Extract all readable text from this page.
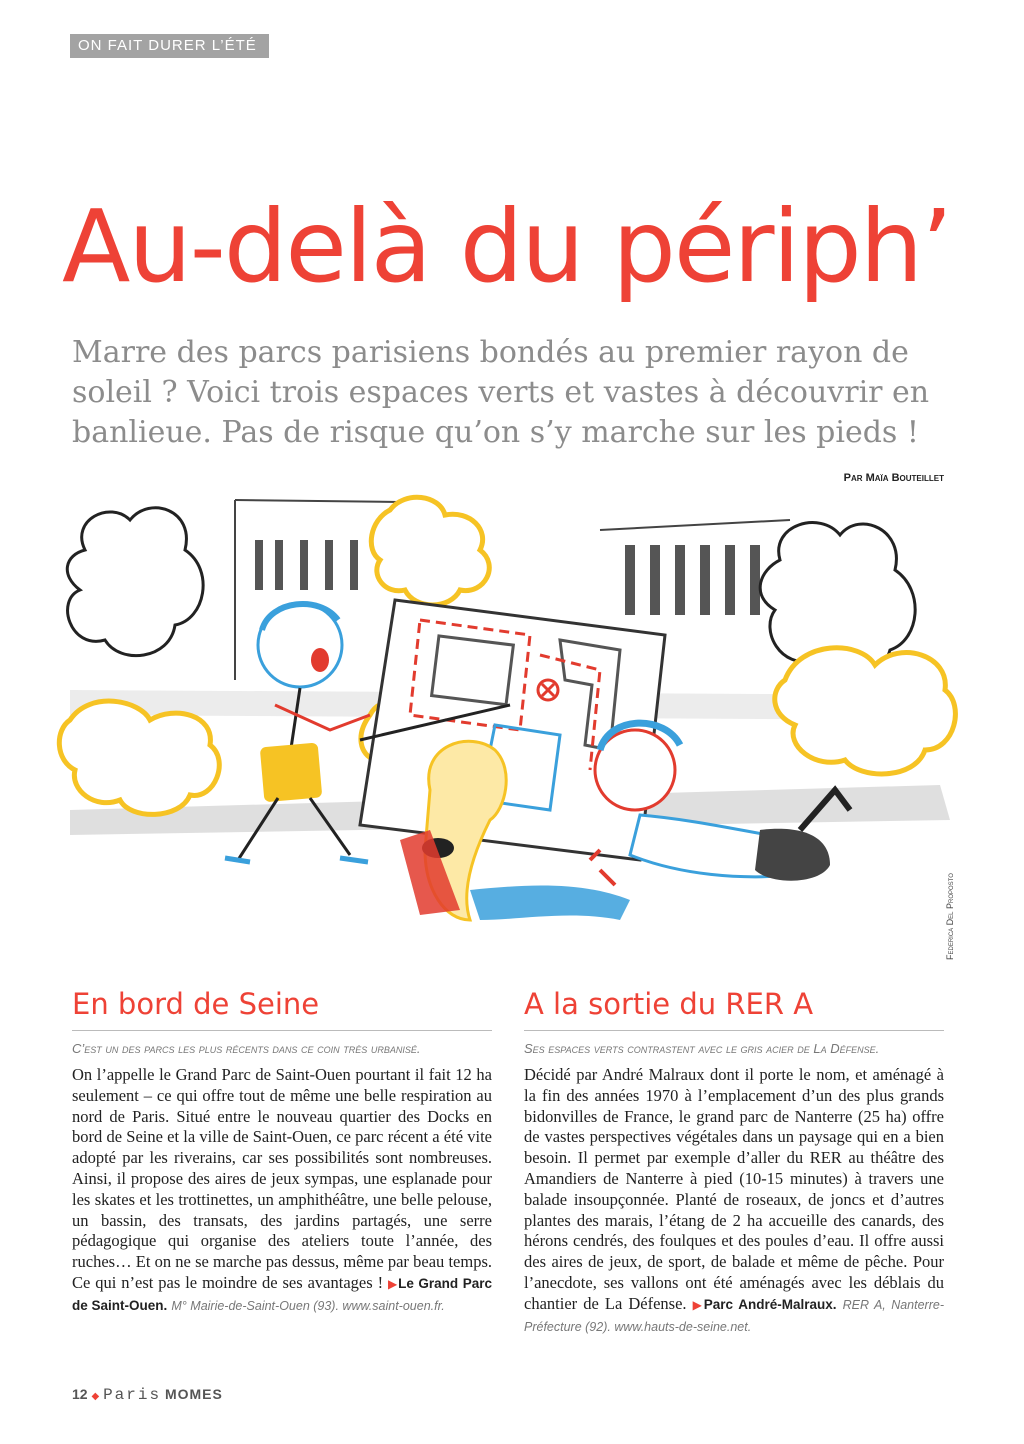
ON FAIT DURER L’ÉTÉ
Au-delà du périph’

Marre des parcs parisiens bondés au premier rayon de soleil ? Voici trois espaces verts et vastes à découvrir en banlieue. Pas de risque qu’on s’y marche sur les pieds !

Par Maïa Bouteillet
Federica Del Proposto
En bord de Seine
C’est un des parcs les plus récents dans ce coin très urbanisé.

On l’appelle le Grand Parc de Saint-Ouen pourtant il fait 12 ha seulement – ce qui offre tout de même une belle respiration au nord de Paris. Situé entre le nouveau quartier des Docks en bord de Seine et la ville de Saint-Ouen, ce parc récent a été vite adopté par les riverains, car ses possibilités sont nombreuses. Ainsi, il propose des aires de jeux sympas, une esplanade pour les skates et les trottinettes, un amphithéâtre, une belle pelouse, un bassin, des transats, des jardins partagés, une serre pédagogique qui organise des ateliers toute l’année, des ruches… Et on ne se marche pas dessus, même par beau temps. Ce qui n’est pas le moindre de ses avantages ! ▶Le Grand Parc de Saint-Ouen. M° Mairie-de-Saint-Ouen (93). www.saint-ouen.fr.

A la sortie du RER A
Ses espaces verts contrastent avec le gris acier de La Défense.

Décidé par André Malraux dont il porte le nom, et aménagé à la fin des années 1970 à l’emplacement d’un des plus grands bidonvilles de France, le grand parc de Nanterre (25 ha) offre de vastes perspectives végétales dans un paysage qui en a bien besoin. Il permet par exemple d’aller du RER au théâtre des Amandiers de Nanterre à pied (10-15 minutes) à travers une balade insoupçonnée. Planté de roseaux, de joncs et d’autres plantes des marais, l’étang de 2 ha accueille des canards, des hérons cendrés, des foulques et des poules d’eau. Il offre aussi des aires de jeux, de sport, de balade et même de pêche. Pour l’anecdote, ses vallons ont été aménagés avec les déblais du chantier de La Défense. ▶Parc André-Malraux. RER A, Nanterre-Préfecture (92). www.hauts-de-seine.net.

12 ◆ Paris MOMES
